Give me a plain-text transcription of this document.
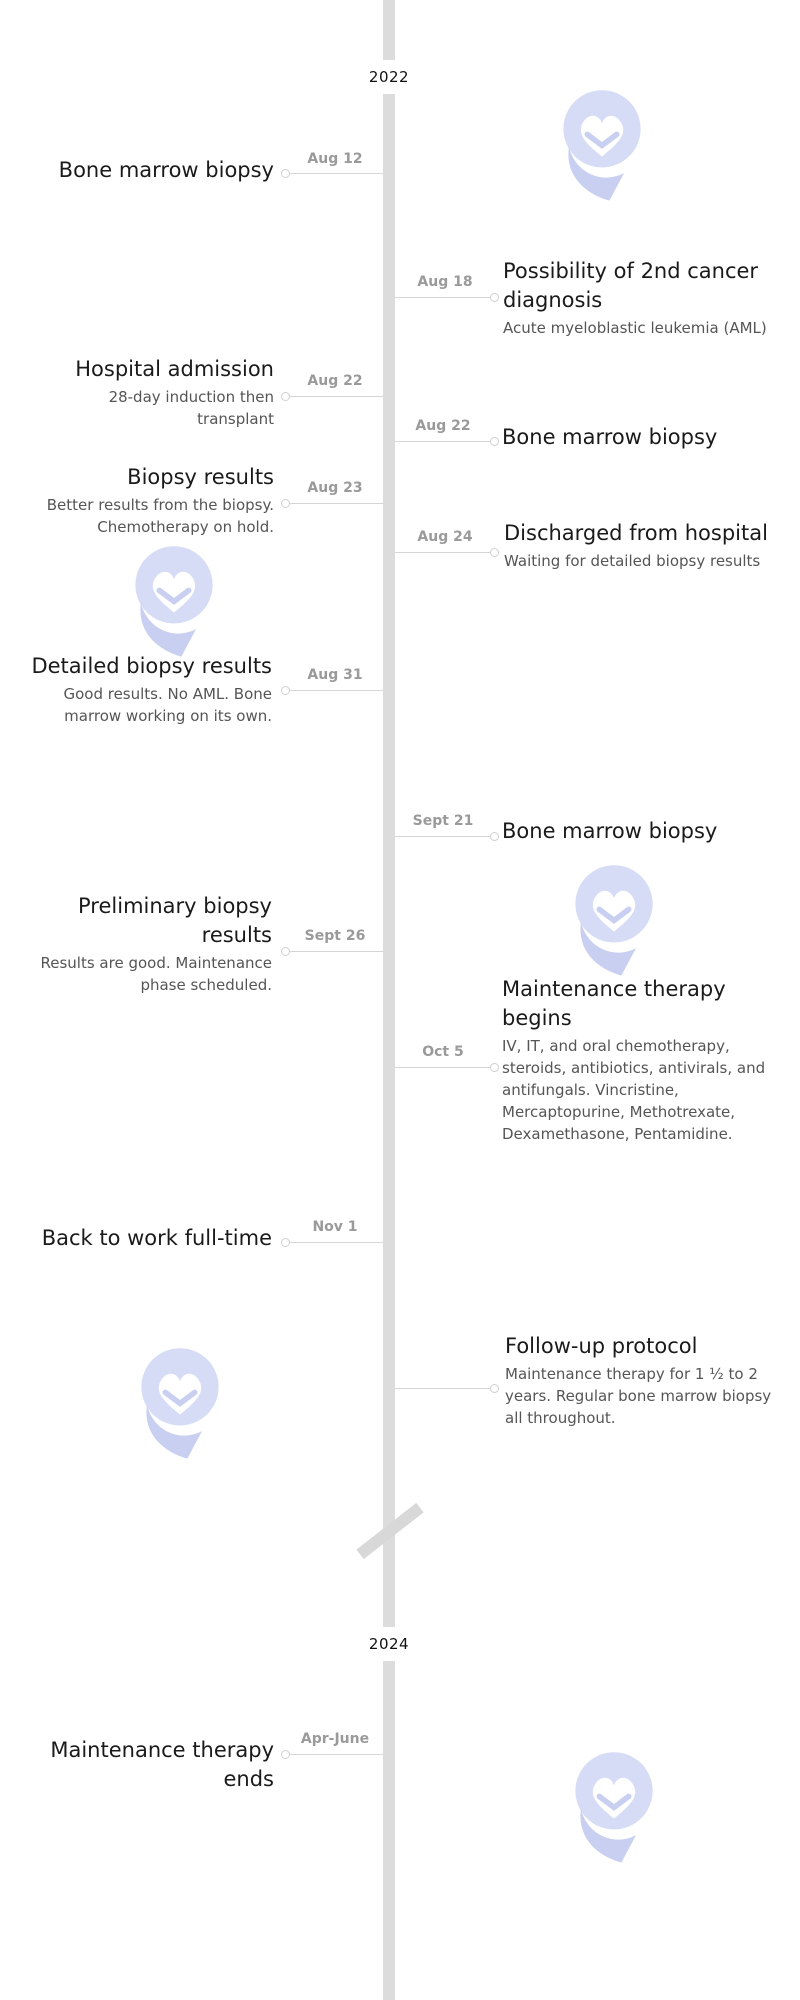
2022
2024
Aug 12
Bone marrow biopsy
Aug 18	Possibility of 2nd cancer diagnosis
Acute myeloblastic leukemia (AML)
Aug 22
Hospital admission
28-day induction then transplant	Aug 22	Bone marrow biopsy
Aug 23
Biopsy results
Better results from the biopsy. Chemotherapy on hold.
Aug 24	Discharged from hospital
Waiting for detailed biopsy results
Aug 31
Detailed biopsy results
Good results. No AML. Bone marrow working on its own.
Sept 21	Bone marrow biopsy
Sept 26
Preliminary biopsy results
Results are good. Maintenance phase scheduled.
Oct 5
Maintenance therapy begins
IV, IT, and oral chemotherapy, steroids, antibiotics, antivirals, and antifungals. Vincristine, Mercaptopurine, Methotrexate, Dexamethasone, Pentamidine.
Nov 1
Back to work full-time
Follow-up protocol
Maintenance therapy for 1 ½ to 2 years. Regular bone marrow biopsy all throughout.
Apr-June
Maintenance therapy ends
